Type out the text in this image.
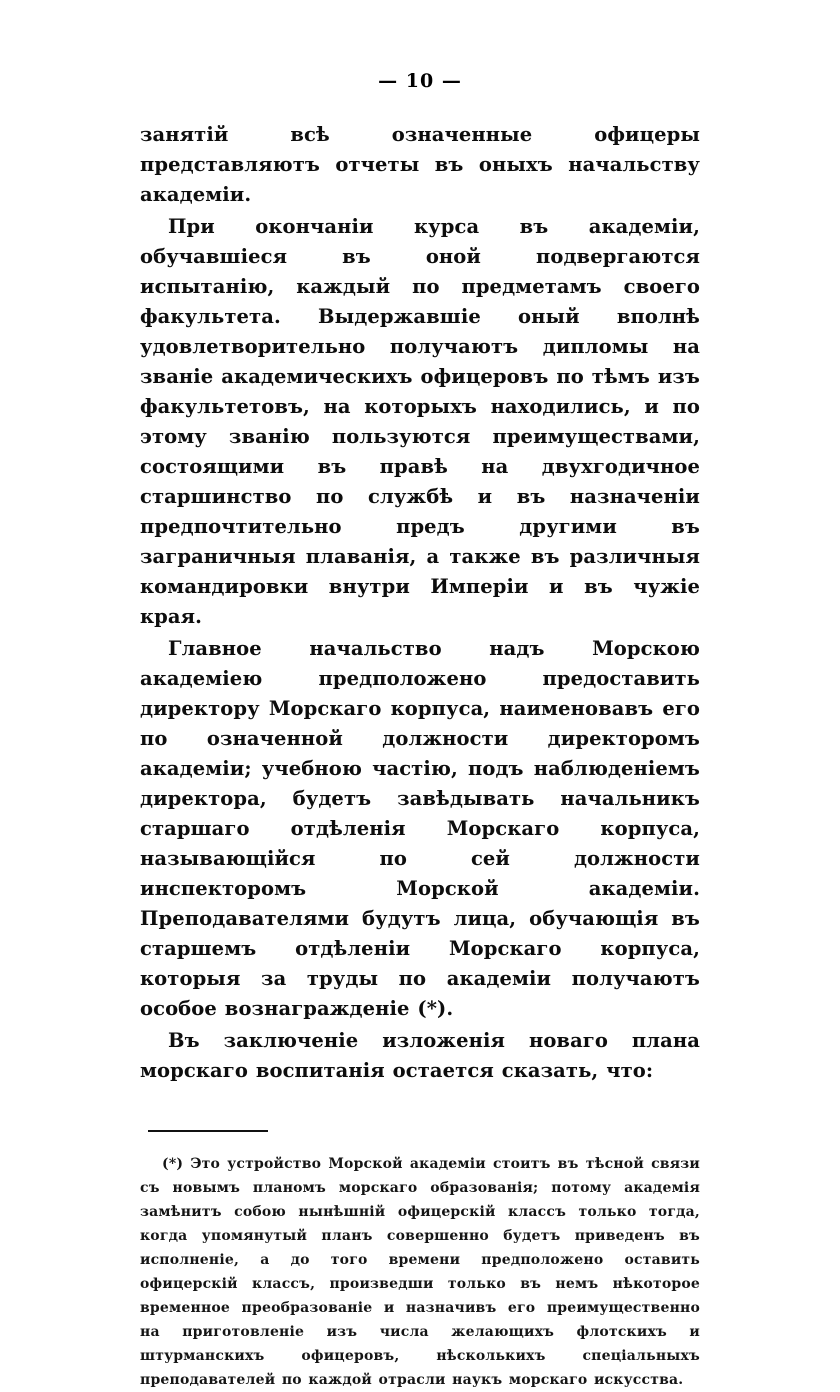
— 10 —

занятій всѣ означенные офицеры представляютъ отчеты въ оныхъ начальству академіи.

При окончаніи курса въ академіи, обучавшіеся въ оной подвергаются испытанію, каждый по предметамъ своего факультета. Выдержавшіе оный вполнѣ удовлетворительно получаютъ дипломы на званіе академическихъ офицеровъ по тѣмъ изъ факультетовъ, на которыхъ находились, и по этому званію пользуются преимуществами, состоящими въ правѣ на двухгодичное старшинство по службѣ и въ назначеніи предпочтительно предъ другими въ заграничныя плаванія, а также въ различныя командировки внутри Имперіи и въ чужіе края.

Главное начальство надъ Морскою академіею предположено предоставить директору Морскаго корпуса, наименовавъ его по означенной должности директоромъ академіи; учебною частію, подъ наблюденіемъ директора, будетъ завѣдывать начальникъ старшаго отдѣленія Морскаго корпуса, называющійся по сей должности инспекторомъ Морской академіи. Преподавателями будутъ лица, обучающія въ старшемъ отдѣленіи Морскаго корпуса, которыя за труды по академіи получаютъ особое вознагражденіе (*).

Въ заключеніе изложенія новаго плана морскаго воспитанія остается сказать, что:

(*) Это устройство Морской академіи стоитъ въ тѣсной связи съ новымъ планомъ морскаго образованія; потому академія замѣнитъ собою нынѣшній офицерскій классъ только тогда, когда упомянутый планъ совершенно будетъ приведенъ въ исполненіе, а до того времени предположено оставить офицерскій классъ, произведши только въ немъ нѣкоторое временное преобразованіе и назначивъ его преимущественно на приготовленіе изъ числа желающихъ флотскихъ и штурманскихъ офицеровъ, нѣсколькихъ спеціальныхъ преподавателей по каждой отрасли наукъ морскаго искусства.
